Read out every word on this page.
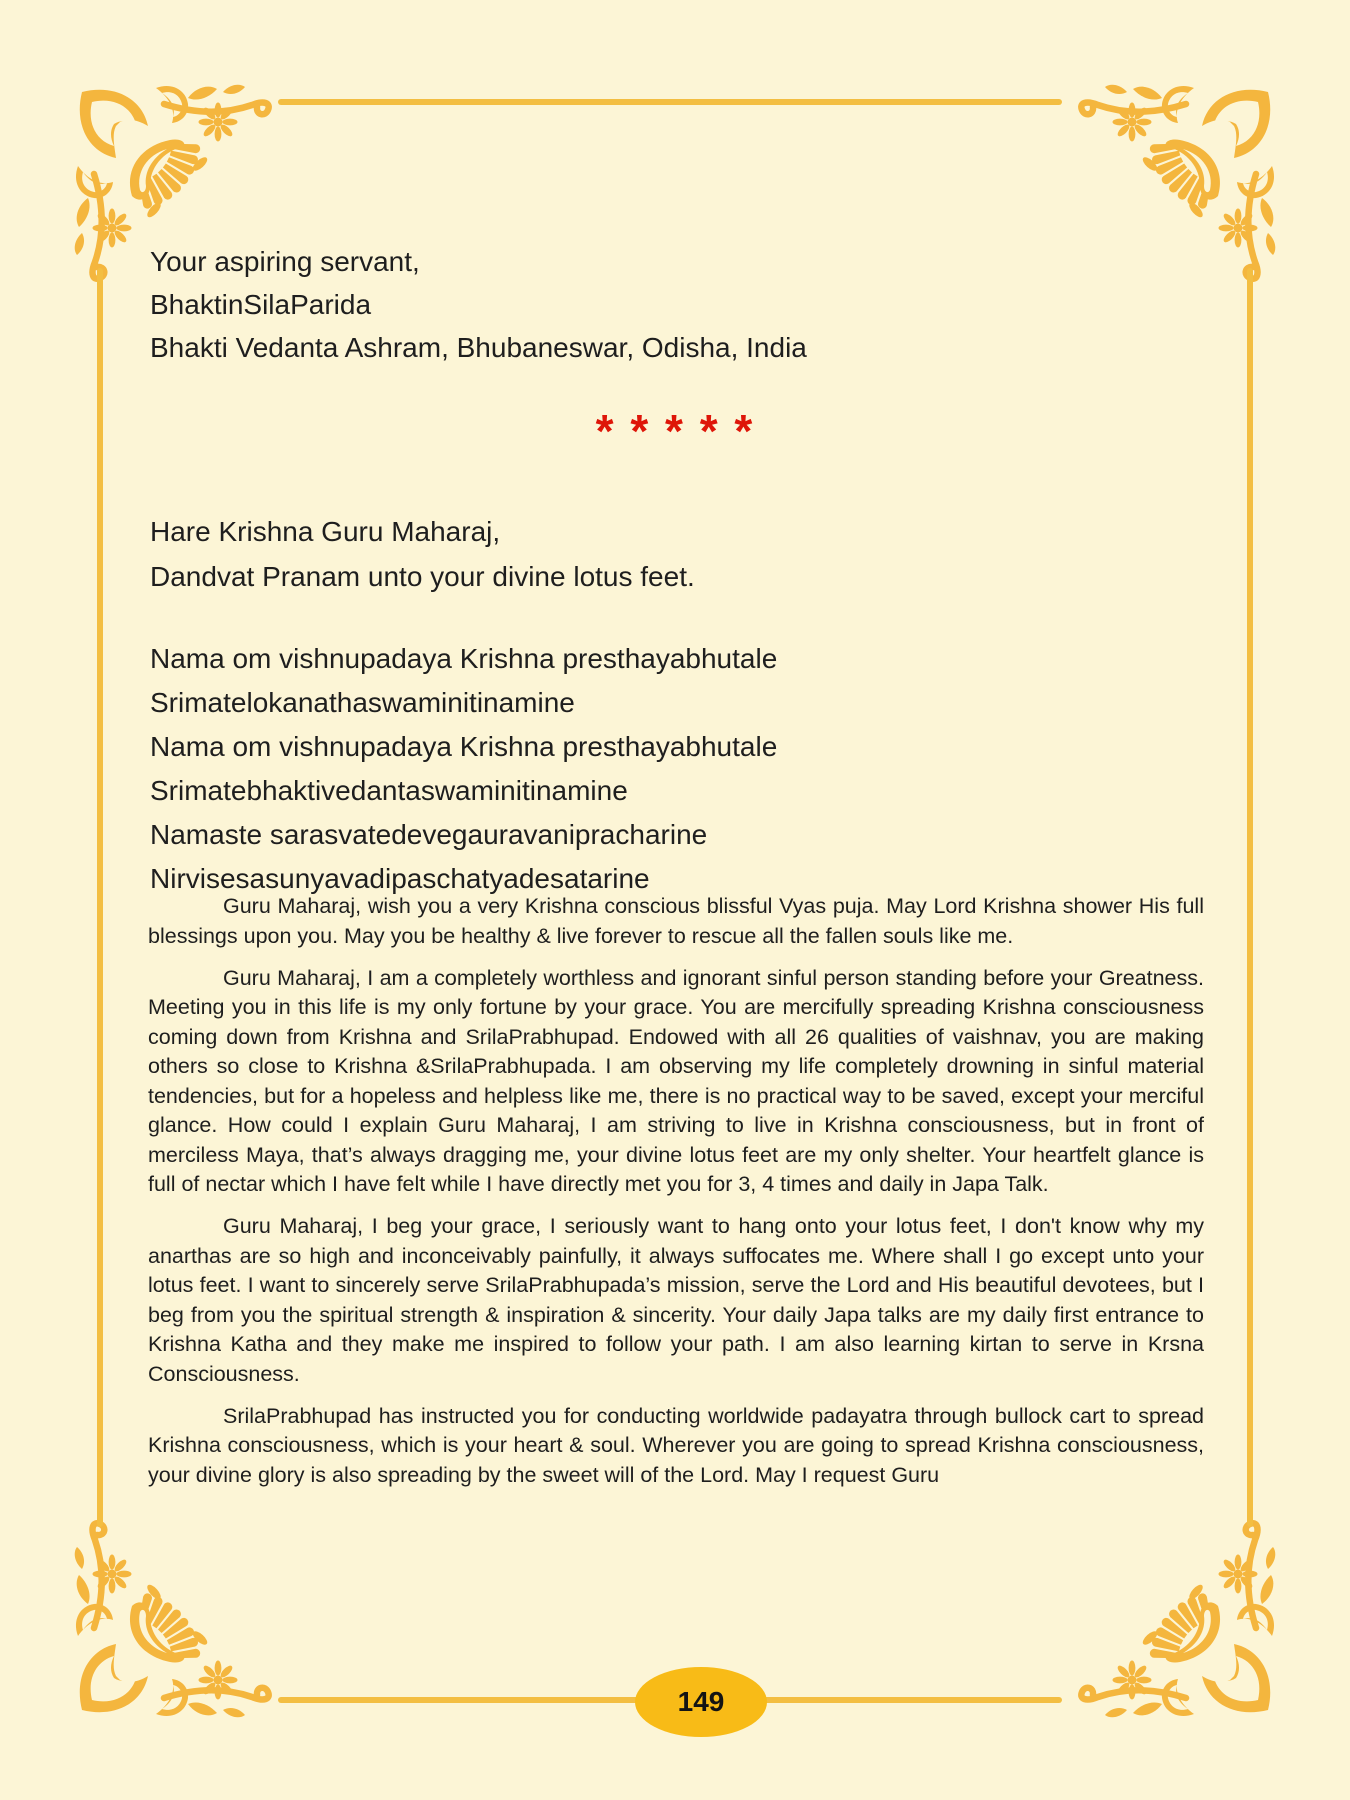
Your aspiring servant,
BhaktinSilaParida
Bhakti Vedanta Ashram, Bhubaneswar, Odisha, India
* * * * *
Hare Krishna Guru Maharaj,
Dandvat Pranam unto your divine lotus feet.
Nama om vishnupadaya Krishna presthayabhutale
Srimatelokanathaswaminitinamine
Nama om vishnupadaya Krishna presthayabhutale
Srimatebhaktivedantaswaminitinamine
Namaste sarasvatedevegauravanipracharine
Nirvisesasunyavadipaschatyadesatarine

Guru Maharaj, wish you a very Krishna conscious blissful Vyas puja. May Lord Krishna shower His full blessings upon you. May you be healthy & live forever to rescue all the fallen souls like me.

Guru Maharaj, I am a completely worthless and ignorant sinful person standing before your Greatness. Meeting you in this life is my only fortune by your grace. You are mercifully spreading Krishna consciousness coming down from Krishna and SrilaPrabhupad. Endowed with all 26 qualities of vaishnav, you are making others so close to Krishna &SrilaPrabhupada. I am observing my life completely drowning in sinful material tendencies, but for a hopeless and helpless like me, there is no practical way to be saved, except your merciful glance. How could I explain Guru Maharaj, I am striving to live in Krishna consciousness, but in front of merciless Maya, that’s always dragging me, your divine lotus feet are my only shelter. Your heartfelt glance is full of nectar which I have felt while I have directly met you for 3, 4 times and daily in Japa Talk.

Guru Maharaj, I beg your grace, I seriously want to hang onto your lotus feet, I don't know why my anarthas are so high and inconceivably painfully, it always suffocates me. Where shall I go except unto your lotus feet. I want to sincerely serve SrilaPrabhupada’s mission, serve the Lord and His beautiful devotees, but I beg from you the spiritual strength & inspiration & sincerity. Your daily Japa talks are my daily first entrance to Krishna Katha and they make me inspired to follow your path. I am also learning kirtan to serve in Krsna Consciousness.

SrilaPrabhupad has instructed you for conducting worldwide padayatra through bullock cart to spread Krishna consciousness, which is your heart & soul. Wherever you are going to spread Krishna consciousness, your divine glory is also spreading by the sweet will of the Lord. May I request Guru

149
